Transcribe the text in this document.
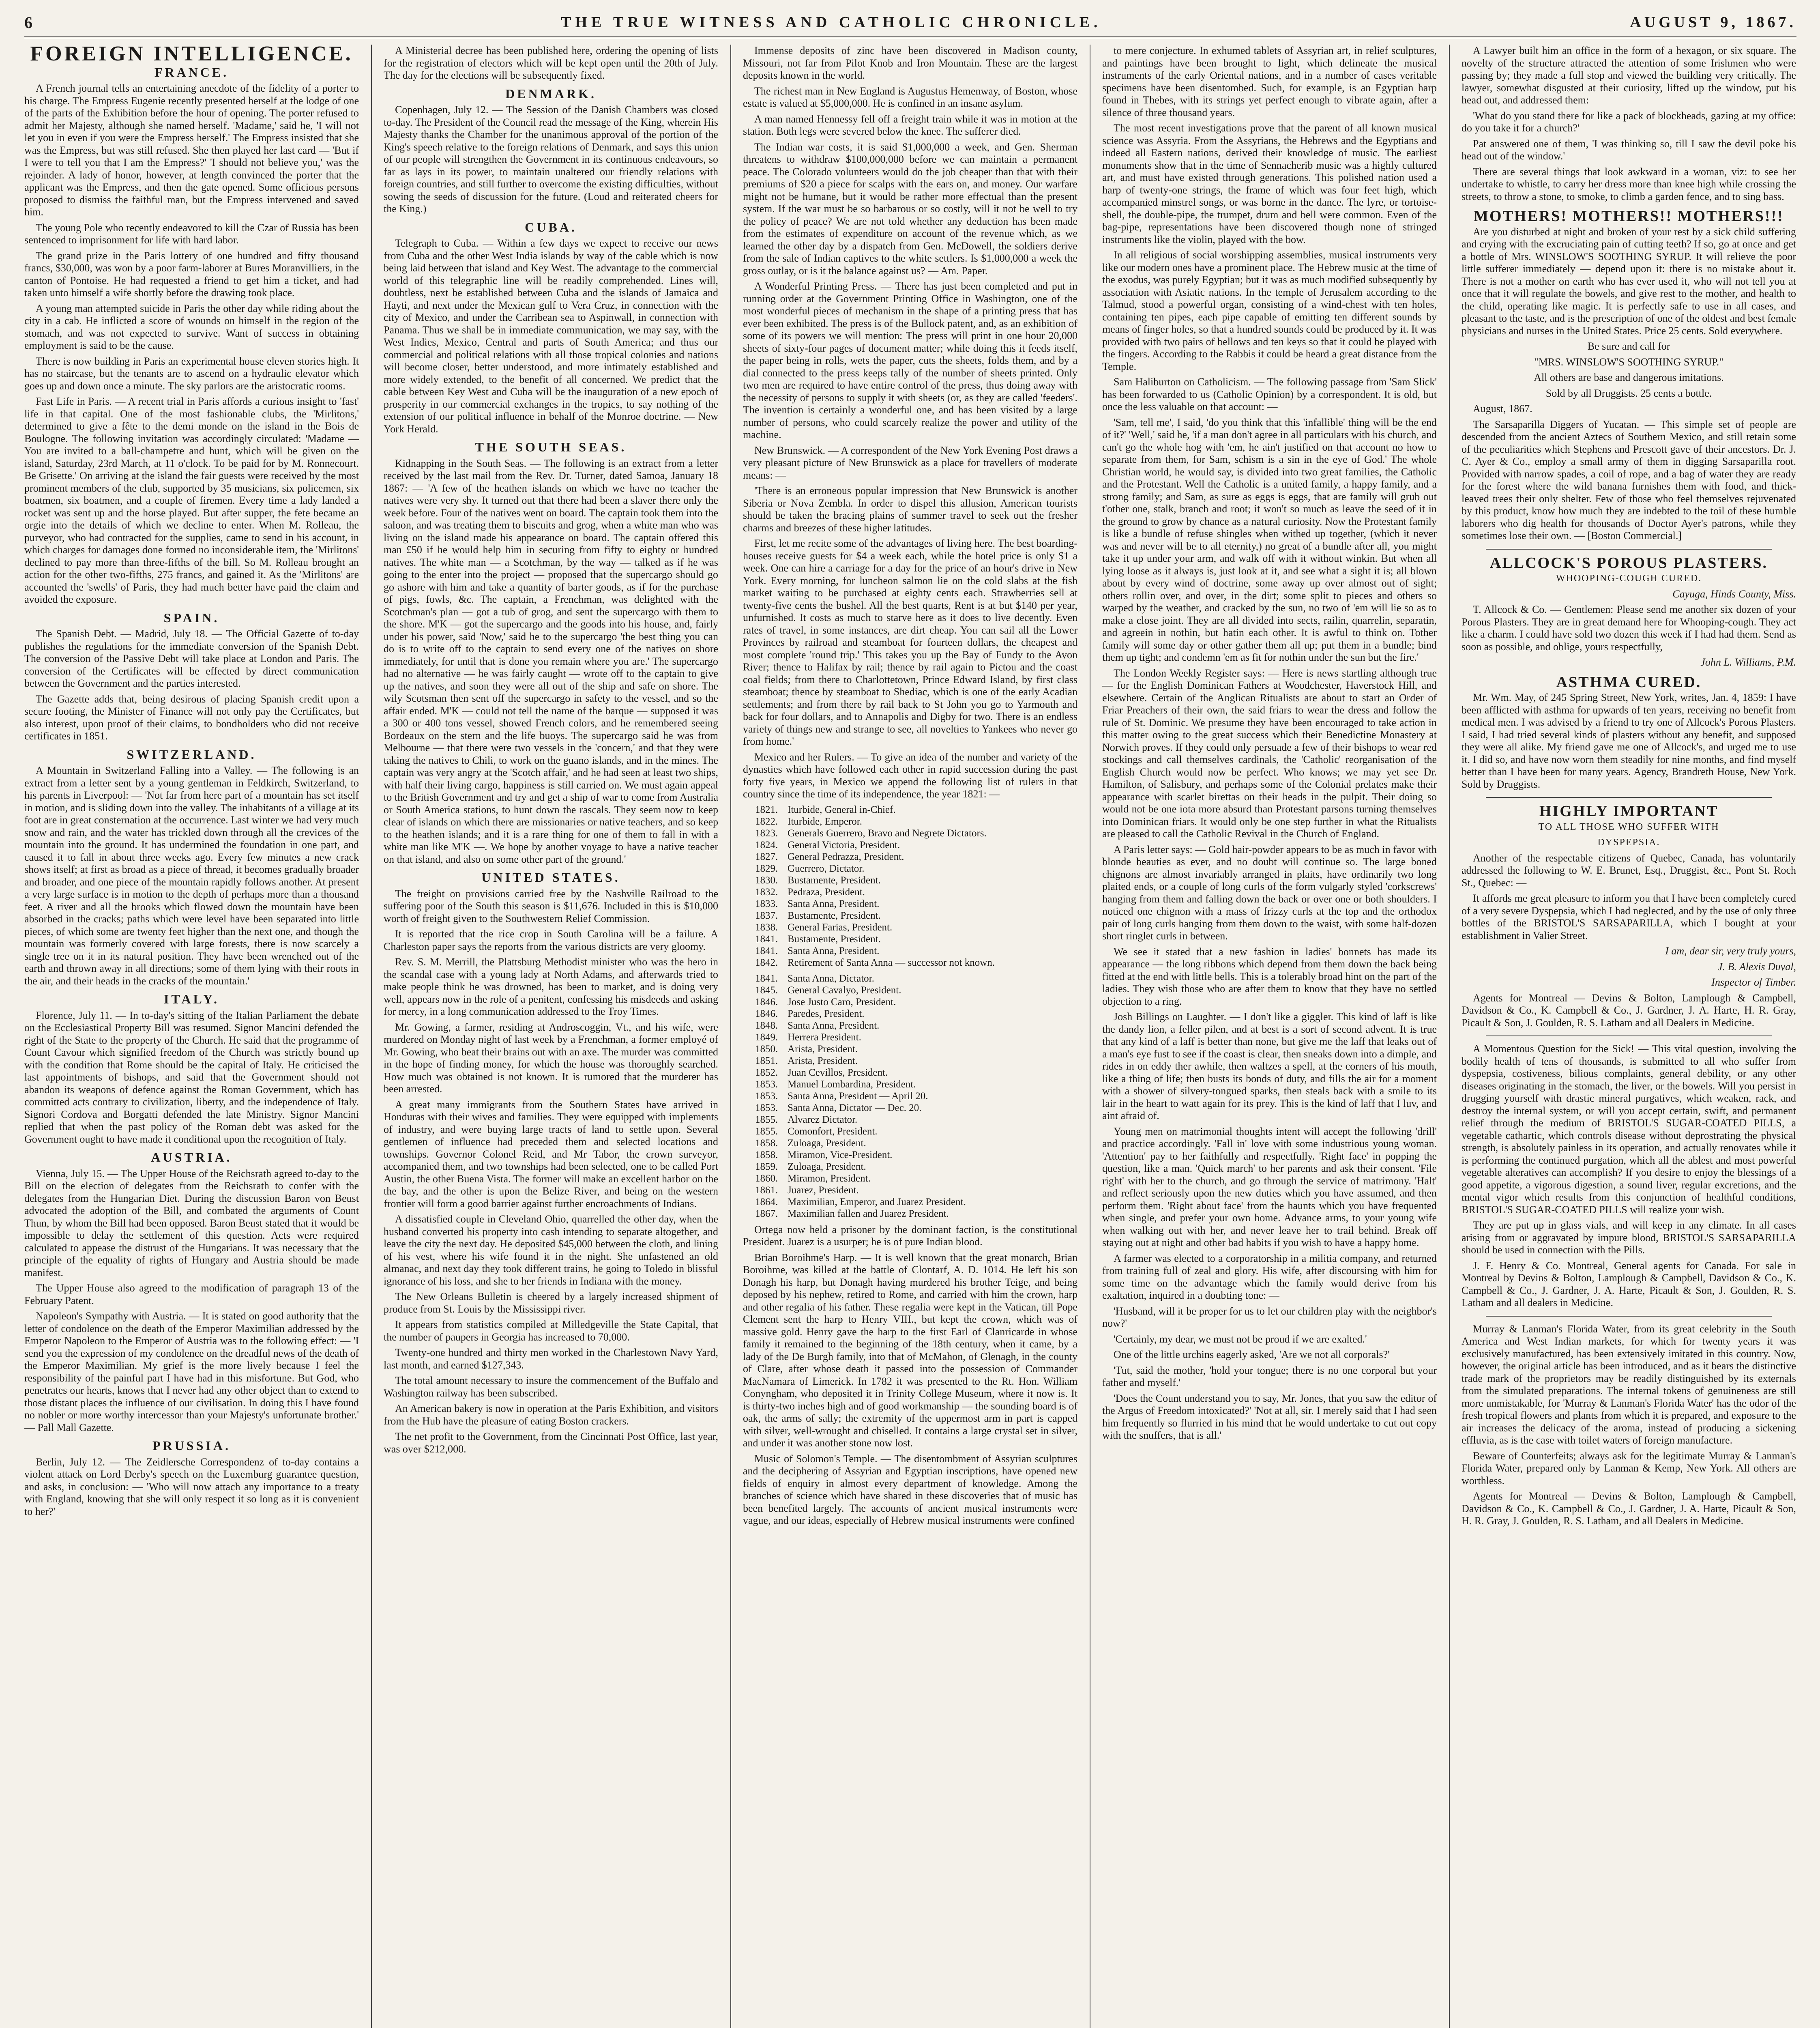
6	THE TRUE WITNESS AND CATHOLIC CHRONICLE.	AUGUST 9, 1867.
FOREIGN INTELLIGENCE.
FRANCE.

A French journal tells an entertaining anecdote of the fidelity of a porter to his charge. The Empress Eugenie recently presented herself at the lodge of one of the parts of the Exhibition before the hour of opening. The porter refused to admit her Majesty, although she named herself. 'Madame,' said he, 'I will not let you in even if you were the Empress herself.' The Empress insisted that she was the Empress, but was still refused. She then played her last card — 'But if I were to tell you that I am the Empress?' 'I should not believe you,' was the rejoinder. A lady of honor, however, at length convinced the porter that the applicant was the Empress, and then the gate opened. Some officious persons proposed to dismiss the faithful man, but the Empress intervened and saved him.

The young Pole who recently endeavored to kill the Czar of Russia has been sentenced to imprisonment for life with hard labor.

The grand prize in the Paris lottery of one hundred and fifty thousand francs, $30,000, was won by a poor farm-laborer at Bures Moranvilliers, in the canton of Pontoise. He had requested a friend to get him a ticket, and had taken unto himself a wife shortly before the drawing took place.

A young man attempted suicide in Paris the other day while riding about the city in a cab. He inflicted a score of wounds on himself in the region of the stomach, and was not expected to survive. Want of success in obtaining employment is said to be the cause.

There is now building in Paris an experimental house eleven stories high. It has no staircase, but the tenants are to ascend on a hydraulic elevator which goes up and down once a minute. The sky parlors are the aristocratic rooms.

Fast Life in Paris. — A recent trial in Paris affords a curious insight to 'fast' life in that capital. One of the most fashionable clubs, the 'Mirlitons,' determined to give a fête to the demi monde on the island in the Bois de Boulogne. The following invitation was accordingly circulated: 'Madame — You are invited to a ball-champetre and hunt, which will be given on the island, Saturday, 23rd March, at 11 o'clock. To be paid for by M. Ronnecourt. Be Grisette.' On arriving at the island the fair guests were received by the most prominent members of the club, supported by 35 musicians, six policemen, six boatmen, six boatmen, and a couple of firemen. Every time a lady landed a rocket was sent up and the horse played. But after supper, the fete became an orgie into the details of which we decline to enter. When M. Rolleau, the purveyor, who had contracted for the supplies, came to send in his account, in which charges for damages done formed no inconsiderable item, the 'Mirlitons' declined to pay more than three-fifths of the bill. So M. Rolleau brought an action for the other two-fifths, 275 francs, and gained it. As the 'Mirlitons' are accounted the 'swells' of Paris, they had much better have paid the claim and avoided the exposure.

SPAIN.

The Spanish Debt. — Madrid, July 18. — The Official Gazette of to-day publishes the regulations for the immediate conversion of the Spanish Debt. The conversion of the Passive Debt will take place at London and Paris. The conversion of the Certificates will be effected by direct communication between the Government and the parties interested.

The Gazette adds that, being desirous of placing Spanish credit upon a secure footing, the Minister of Finance will not only pay the Certificates, but also interest, upon proof of their claims, to bondholders who did not receive certificates in 1851.

SWITZERLAND.

A Mountain in Switzerland Falling into a Valley. — The following is an extract from a letter sent by a young gentleman in Feldkirch, Switzerland, to his parents in Liverpool: — 'Not far from here part of a mountain has set itself in motion, and is sliding down into the valley. The inhabitants of a village at its foot are in great consternation at the occurrence. Last winter we had very much snow and rain, and the water has trickled down through all the crevices of the mountain into the ground. It has undermined the foundation in one part, and caused it to fall in about three weeks ago. Every few minutes a new crack shows itself; at first as broad as a piece of thread, it becomes gradually broader and broader, and one piece of the mountain rapidly follows another. At present a very large surface is in motion to the depth of perhaps more than a thousand feet. A river and all the brooks which flowed down the mountain have been absorbed in the cracks; paths which were level have been separated into little pieces, of which some are twenty feet higher than the next one, and though the mountain was formerly covered with large forests, there is now scarcely a single tree on it in its natural position. They have been wrenched out of the earth and thrown away in all directions; some of them lying with their roots in the air, and their heads in the cracks of the mountain.'

ITALY.

Florence, July 11. — In to-day's sitting of the Italian Parliament the debate on the Ecclesiastical Property Bill was resumed. Signor Mancini defended the right of the State to the property of the Church. He said that the programme of Count Cavour which signified freedom of the Church was strictly bound up with the condition that Rome should be the capital of Italy. He criticised the last appointments of bishops, and said that the Government should not abandon its weapons of defence against the Roman Government, which has committed acts contrary to civilization, liberty, and the independence of Italy. Signori Cordova and Borgatti defended the late Ministry. Signor Mancini replied that when the past policy of the Roman debt was asked for the Government ought to have made it conditional upon the recognition of Italy.

AUSTRIA.

Vienna, July 15. — The Upper House of the Reichsrath agreed to-day to the Bill on the election of delegates from the Reichsrath to confer with the delegates from the Hungarian Diet. During the discussion Baron von Beust advocated the adoption of the Bill, and combated the arguments of Count Thun, by whom the Bill had been opposed. Baron Beust stated that it would be impossible to delay the settlement of this question. Acts were required calculated to appease the distrust of the Hungarians. It was necessary that the principle of the equality of rights of Hungary and Austria should be made manifest.

The Upper House also agreed to the modification of paragraph 13 of the February Patent.

Napoleon's Sympathy with Austria. — It is stated on good authority that the letter of condolence on the death of the Emperor Maximilian addressed by the Emperor Napoleon to the Emperor of Austria was to the following effect: — 'I send you the expression of my condolence on the dreadful news of the death of the Emperor Maximilian. My grief is the more lively because I feel the responsibility of the painful part I have had in this misfortune. But God, who penetrates our hearts, knows that I never had any other object than to extend to those distant places the influence of our civilisation. In doing this I have found no nobler or more worthy intercessor than your Majesty's unfortunate brother.' — Pall Mall Gazette.

PRUSSIA.

Berlin, July 12. — The Zeidlersche Correspondenz of to-day contains a violent attack on Lord Derby's speech on the Luxemburg guarantee question, and asks, in conclusion: — 'Who will now attach any importance to a treaty with England, knowing that she will only respect it so long as it is convenient to her?'

A Ministerial decree has been published here, ordering the opening of lists for the registration of electors which will be kept open until the 20th of July. The day for the elections will be subsequently fixed.

DENMARK.

Copenhagen, July 12. — The Session of the Danish Chambers was closed to-day. The President of the Council read the message of the King, wherein His Majesty thanks the Chamber for the unanimous approval of the portion of the King's speech relative to the foreign relations of Denmark, and says this union of our people will strengthen the Government in its continuous endeavours, so far as lays in its power, to maintain unaltered our friendly relations with foreign countries, and still further to overcome the existing difficulties, without sowing the seeds of discussion for the future. (Loud and reiterated cheers for the King.)

CUBA.

Telegraph to Cuba. — Within a few days we expect to receive our news from Cuba and the other West India islands by way of the cable which is now being laid between that island and Key West. The advantage to the commercial world of this telegraphic line will be readily comprehended. Lines will, doubtless, next be established between Cuba and the islands of Jamaica and Hayti, and next under the Mexican gulf to Vera Cruz, in connection with the city of Mexico, and under the Carribean sea to Aspinwall, in connection with Panama. Thus we shall be in immediate communication, we may say, with the West Indies, Mexico, Central and parts of South America; and thus our commercial and political relations with all those tropical colonies and nations will become closer, better understood, and more intimately established and more widely extended, to the benefit of all concerned. We predict that the cable between Key West and Cuba will be the inauguration of a new epoch of prosperity in our commercial exchanges in the tropics, to say nothing of the extension of our political influence in behalf of the Monroe doctrine. — New York Herald.

THE SOUTH SEAS.

Kidnapping in the South Seas. — The following is an extract from a letter received by the last mail from the Rev. Dr. Turner, dated Samoa, January 18 1867: — 'A few of the heathen islands on which we have no teacher the natives were very shy. It turned out that there had been a slaver there only the week before. Four of the natives went on board. The captain took them into the saloon, and was treating them to biscuits and grog, when a white man who was living on the island made his appearance on board. The captain offered this man £50 if he would help him in securing from fifty to eighty or hundred natives. The white man — a Scotchman, by the way — talked as if he was going to the enter into the project — proposed that the supercargo should go go ashore with him and take a quantity of barter goods, as if for the purchase of pigs, fowls, &c. The captain, a Frenchman, was delighted with the Scotchman's plan — got a tub of grog, and sent the supercargo with them to the shore. M'K — got the supercargo and the goods into his house, and, fairly under his power, said 'Now,' said he to the supercargo 'the best thing you can do is to write off to the captain to send every one of the natives on shore immediately, for until that is done you remain where you are.' The supercargo had no alternative — he was fairly caught — wrote off to the captain to give up the natives, and soon they were all out of the ship and safe on shore. The wily Scotsman then sent off the supercargo in safety to the vessel, and so the affair ended. M'K — could not tell the name of the barque — supposed it was a 300 or 400 tons vessel, showed French colors, and he remembered seeing Bordeaux on the stern and the life buoys. The supercargo said he was from Melbourne — that there were two vessels in the 'concern,' and that they were taking the natives to Chili, to work on the guano islands, and in the mines. The captain was very angry at the 'Scotch affair,' and he had seen at least two ships, with half their living cargo, happiness is still carried on. We must again appeal to the British Government and try and get a ship of war to come from Australia or South America stations, to hunt down the rascals. They seem now to keep clear of islands on which there are missionaries or native teachers, and so keep to the heathen islands; and it is a rare thing for one of them to fall in with a white man like M'K —. We hope by another voyage to have a native teacher on that island, and also on some other part of the ground.'

UNITED STATES.

The freight on provisions carried free by the Nashville Railroad to the suffering poor of the South this season is $11,676. Included in this is $10,000 worth of freight given to the Southwestern Relief Commission.

It is reported that the rice crop in South Carolina will be a failure. A Charleston paper says the reports from the various districts are very gloomy.

Rev. S. M. Merrill, the Plattsburg Methodist minister who was the hero in the scandal case with a young lady at North Adams, and afterwards tried to make people think he was drowned, has been to market, and is doing very well, appears now in the role of a penitent, confessing his misdeeds and asking for mercy, in a long communication addressed to the Troy Times.

Mr. Gowing, a farmer, residing at Androscoggin, Vt., and his wife, were murdered on Monday night of last week by a Frenchman, a former employé of Mr. Gowing, who beat their brains out with an axe. The murder was committed in the hope of finding money, for which the house was thoroughly searched. How much was obtained is not known. It is rumored that the murderer has been arrested.

A great many immigrants from the Southern States have arrived in Honduras with their wives and families. They were equipped with implements of industry, and were buying large tracts of land to settle upon. Several gentlemen of influence had preceded them and selected locations and townships. Governor Colonel Reid, and Mr Tabor, the crown surveyor, accompanied them, and two townships had been selected, one to be called Port Austin, the other Buena Vista. The former will make an excellent harbor on the the bay, and the other is upon the Belize River, and being on the western frontier will form a good barrier against further encroachments of Indians.

A dissatisfied couple in Cleveland Ohio, quarrelled the other day, when the husband converted his property into cash intending to separate altogether, and leave the city the next day. He deposited $45,000 between the cloth, and lining of his vest, where his wife found it in the night. She unfastened an old almanac, and next day they took different trains, he going to Toledo in blissful ignorance of his loss, and she to her friends in Indiana with the money.

The New Orleans Bulletin is cheered by a largely increased shipment of produce from St. Louis by the Mississippi river.

It appears from statistics compiled at Milledgeville the State Capital, that the number of paupers in Georgia has increased to 70,000.

Twenty-one hundred and thirty men worked in the Charlestown Navy Yard, last month, and earned $127,343.

The total amount necessary to insure the commencement of the Buffalo and Washington railway has been subscribed.

An American bakery is now in operation at the Paris Exhibition, and visitors from the Hub have the pleasure of eating Boston crackers.

The net profit to the Government, from the Cincinnati Post Office, last year, was over $212,000.

Immense deposits of zinc have been discovered in Madison county, Missouri, not far from Pilot Knob and Iron Mountain. These are the largest deposits known in the world.

The richest man in New England is Augustus Hemenway, of Boston, whose estate is valued at $5,000,000. He is confined in an insane asylum.

A man named Hennessy fell off a freight train while it was in motion at the station. Both legs were severed below the knee. The sufferer died.

The Indian war costs, it is said $1,000,000 a week, and Gen. Sherman threatens to withdraw $100,000,000 before we can maintain a permanent peace. The Colorado volunteers would do the job cheaper than that with their premiums of $20 a piece for scalps with the ears on, and money. Our warfare might not be humane, but it would be rather more effectual than the present system. If the war must be so barbarous or so costly, will it not be well to try the policy of peace? We are not told whether any deduction has been made from the estimates of expenditure on account of the revenue which, as we learned the other day by a dispatch from Gen. McDowell, the soldiers derive from the sale of Indian captives to the white settlers. Is $1,000,000 a week the gross outlay, or is it the balance against us? — Am. Paper.

A Wonderful Printing Press. — There has just been completed and put in running order at the Government Printing Office in Washington, one of the most wonderful pieces of mechanism in the shape of a printing press that has ever been exhibited. The press is of the Bullock patent, and, as an exhibition of some of its powers we will mention: The press will print in one hour 20,000 sheets of sixty-four pages of document matter; while doing this it feeds itself, the paper being in rolls, wets the paper, cuts the sheets, folds them, and by a dial connected to the press keeps tally of the number of sheets printed. Only two men are required to have entire control of the press, thus doing away with the necessity of persons to supply it with sheets (or, as they are called 'feeders'. The invention is certainly a wonderful one, and has been visited by a large number of persons, who could scarcely realize the power and utility of the machine.

New Brunswick. — A correspondent of the New York Evening Post draws a very pleasant picture of New Brunswick as a place for travellers of moderate means: —

'There is an erroneous popular impression that New Brunswick is another Siberia or Nova Zembla. In order to dispel this allusion, American tourists should be taken the bracing plains of summer travel to seek out the fresher charms and breezes of these higher latitudes.

First, let me recite some of the advantages of living here. The best boarding-houses receive guests for $4 a week each, while the hotel price is only $1 a week. One can hire a carriage for a day for the price of an hour's drive in New York. Every morning, for luncheon salmon lie on the cold slabs at the fish market waiting to be purchased at eighty cents each. Strawberries sell at twenty-five cents the bushel. All the best quarts, Rent is at but $140 per year, unfurnished. It costs as much to starve here as it does to live decently. Even rates of travel, in some instances, are dirt cheap. You can sail all the Lower Provinces by railroad and steamboat for fourteen dollars, the cheapest and most complete 'round trip.' This takes you up the Bay of Fundy to the Avon River; thence to Halifax by rail; thence by rail again to Pictou and the coast coal fields; from there to Charlottetown, Prince Edward Island, by first class steamboat; thence by steamboat to Shediac, which is one of the early Acadian settlements; and from there by rail back to St John you go to Yarmouth and back for four dollars, and to Annapolis and Digby for two. There is an endless variety of things new and strange to see, all novelties to Yankees who never go from home.'

Mexico and her Rulers. — To give an idea of the number and variety of the dynasties which have followed each other in rapid succession during the past forty five years, in Mexico we append the following list of rulers in that country since the time of its independence, the year 1821: —

1821. Iturbide, General in-Chief.
1822. Iturbide, Emperor.
1823. Generals Guerrero, Bravo and Negrete Dictators.
1824. General Victoria, President.
1827. General Pedrazza, President.
1829. Guerrero, Dictator.
1830. Bustamente, President.
1832. Pedraza, President.
1833. Santa Anna, President.
1837. Bustamente, President.
1838. General Farias, President.
1841. Bustamente, President.
1841. Santa Anna, President.
1842. Retirement of Santa Anna — successor not known.
1841. Santa Anna, Dictator.
1845. General Cavalyo, President.
1846. Jose Justo Caro, President.
1846. Paredes, President.
1848. Santa Anna, President.
1849. Herrera President.
1850. Arista, President.
1851. Arista, President.
1852. Juan Cevillos, President.
1853. Manuel Lombardina, President.
1853. Santa Anna, President — April 20.
1853. Santa Anna, Dictator — Dec. 20.
1855. Alvarez Dictator.
1855. Comonfort, President.
1858. Zuloaga, President.
1858. Miramon, Vice-President.
1859. Zuloaga, President.
1860. Miramon, President.
1861. Juarez, President.
1864. Maximilian, Emperor, and Juarez President.
1867. Maximilian fallen and Juarez President.

Ortega now held a prisoner by the dominant faction, is the constitutional President. Juarez is a usurper; he is of pure Indian blood.

Brian Boroihme's Harp. — It is well known that the great monarch, Brian Boroihme, was killed at the battle of Clontarf, A. D. 1014. He left his son Donagh his harp, but Donagh having murdered his brother Teige, and being deposed by his nephew, retired to Rome, and carried with him the crown, harp and other regalia of his father. These regalia were kept in the Vatican, till Pope Clement sent the harp to Henry VIII., but kept the crown, which was of massive gold. Henry gave the harp to the first Earl of Clanricarde in whose family it remained to the beginning of the 18th century, when it came, by a lady of the De Burgh family, into that of McMahon, of Glenagh, in the county of Clare, after whose death it passed into the possession of Commander MacNamara of Limerick. In 1782 it was presented to the Rt. Hon. William Conyngham, who deposited it in Trinity College Museum, where it now is. It is thirty-two inches high and of good workmanship — the sounding board is of oak, the arms of sally; the extremity of the uppermost arm in part is capped with silver, well-wrought and chiselled. It contains a large crystal set in silver, and under it was another stone now lost.

Music of Solomon's Temple. — The disentombment of Assyrian sculptures and the deciphering of Assyrian and Egyptian inscriptions, have opened new fields of enquiry in almost every department of knowledge. Among the branches of science which have shared in these discoveries that of music has been benefited largely. The accounts of ancient musical instruments were vague, and our ideas, especially of Hebrew musical instruments were confined

to mere conjecture. In exhumed tablets of Assyrian art, in relief sculptures, and paintings have been brought to light, which delineate the musical instruments of the early Oriental nations, and in a number of cases veritable specimens have been disentombed. Such, for example, is an Egyptian harp found in Thebes, with its strings yet perfect enough to vibrate again, after a silence of three thousand years.

The most recent investigations prove that the parent of all known musical science was Assyria. From the Assyrians, the Hebrews and the Egyptians and indeed all Eastern nations, derived their knowledge of music. The earliest monuments show that in the time of Sennacherib music was a highly cultured art, and must have existed through generations. This polished nation used a harp of twenty-one strings, the frame of which was four feet high, which accompanied minstrel songs, or was borne in the dance. The lyre, or tortoise-shell, the double-pipe, the trumpet, drum and bell were common. Even of the bag-pipe, representations have been discovered though none of stringed instruments like the violin, played with the bow.

In all religious of social worshipping assemblies, musical instruments very like our modern ones have a prominent place. The Hebrew music at the time of the exodus, was purely Egyptian; but it was as much modified subsequently by association with Asiatic nations. In the temple of Jerusalem according to the Talmud, stood a powerful organ, consisting of a wind-chest with ten holes, containing ten pipes, each pipe capable of emitting ten different sounds by means of finger holes, so that a hundred sounds could be produced by it. It was provided with two pairs of bellows and ten keys so that it could be played with the fingers. According to the Rabbis it could be heard a great distance from the Temple.

Sam Haliburton on Catholicism. — The following passage from 'Sam Slick' has been forwarded to us (Catholic Opinion) by a correspondent. It is old, but once the less valuable on that account: —

'Sam, tell me', I said, 'do you think that this 'infallible' thing will be the end of it?' 'Well,' said he, 'if a man don't agree in all particulars with his church, and can't go the whole hog with 'em, he ain't justified on that account no how to separate from them, for Sam, schism is a sin in the eye of God.' The whole Christian world, he would say, is divided into two great families, the Catholic and the Protestant. Well the Catholic is a united family, a happy family, and a strong family; and Sam, as sure as eggs is eggs, that are family will grub out t'other one, stalk, branch and root; it won't so much as leave the seed of it in the ground to grow by chance as a natural curiosity. Now the Protestant family is like a bundle of refuse shingles when withed up together, (which it never was and never will be to all eternity,) no great of a bundle after all, you might take it up under your arm, and walk off with it without winkin. But when all lying loose as it always is, just look at it, and see what a sight it is; all blown about by every wind of doctrine, some away up over almost out of sight; others rollin over, and over, in the dirt; some split to pieces and others so warped by the weather, and cracked by the sun, no two of 'em will lie so as to make a close joint. They are all divided into sects, railin, quarrelin, separatin, and agreein in nothin, but hatin each other. It is awful to think on. Tother family will some day or other gather them all up; put them in a bundle; bind them up tight; and condemn 'em as fit for nothin under the sun but the fire.'

The London Weekly Register says: — Here is news startling although true — for the English Dominican Fathers at Woodchester, Haverstock Hill, and elsewhere. Certain of the Anglican Ritualists are about to start an Order of Friar Preachers of their own, the said friars to wear the dress and follow the rule of St. Dominic. We presume they have been encouraged to take action in this matter owing to the great success which their Benedictine Monastery at Norwich proves. If they could only persuade a few of their bishops to wear red stockings and call themselves cardinals, the 'Catholic' reorganisation of the English Church would now be perfect. Who knows; we may yet see Dr. Hamilton, of Salisbury, and perhaps some of the Colonial prelates make their appearance with scarlet birettas on their heads in the pulpit. Their doing so would not be one iota more absurd than Protestant parsons turning themselves into Dominican friars. It would only be one step further in what the Ritualists are pleased to call the Catholic Revival in the Church of England.

A Paris letter says: — Gold hair-powder appears to be as much in favor with blonde beauties as ever, and no doubt will continue so. The large boned chignons are almost invariably arranged in plaits, have ordinarily two long plaited ends, or a couple of long curls of the form vulgarly styled 'corkscrews' hanging from them and falling down the back or over one or both shoulders. I noticed one chignon with a mass of frizzy curls at the top and the orthodox pair of long curls hanging from them down to the waist, with some half-dozen short ringlet curls in between.

We see it stated that a new fashion in ladies' bonnets has made its appearance — the long ribbons which depend from them down the back being fitted at the end with little bells. This is a tolerably broad hint on the part of the ladies. They wish those who are after them to know that they have no settled objection to a ring.

Josh Billings on Laughter. — I don't like a giggler. This kind of laff is like the dandy lion, a feller pilen, and at best is a sort of second advent. It is true that any kind of a laff is better than none, but give me the laff that leaks out of a man's eye fust to see if the coast is clear, then sneaks down into a dimple, and rides in on eddy ther awhile, then waltzes a spell, at the corners of his mouth, like a thing of life; then busts its bonds of duty, and fills the air for a moment with a shower of silvery-tongued sparks, then steals back with a smile to its lair in the heart to watt again for its prey. This is the kind of laff that I luv, and aint afraid of.

Young men on matrimonial thoughts intent will accept the following 'drill' and practice accordingly. 'Fall in' love with some industrious young woman. 'Attention' pay to her faithfully and respectfully. 'Right face' in popping the question, like a man. 'Quick march' to her parents and ask their consent. 'File right' with her to the church, and go through the service of matrimony. 'Halt' and reflect seriously upon the new duties which you have assumed, and then perform them. 'Right about face' from the haunts which you have frequented when single, and prefer your own home. Advance arms, to your young wife when walking out with her, and never leave her to trail behind. Break off staying out at night and other bad habits if you wish to have a happy home.

A farmer was elected to a corporatorship in a militia company, and returned from training full of zeal and glory. His wife, after discoursing with him for some time on the advantage which the family would derive from his exaltation, inquired in a doubting tone: —

'Husband, will it be proper for us to let our children play with the neighbor's now?'

'Certainly, my dear, we must not be proud if we are exalted.'

One of the little urchins eagerly asked, 'Are we not all corporals?'

'Tut, said the mother, 'hold your tongue; there is no one corporal but your father and myself.'

'Does the Count understand you to say, Mr. Jones, that you saw the editor of the Argus of Freedom intoxicated?' 'Not at all, sir. I merely said that I had seen him frequently so flurried in his mind that he would undertake to cut out copy with the snuffers, that is all.'

A Lawyer built him an office in the form of a hexagon, or six square. The novelty of the structure attracted the attention of some Irishmen who were passing by; they made a full stop and viewed the building very critically. The lawyer, somewhat disgusted at their curiosity, lifted up the window, put his head out, and addressed them:

'What do you stand there for like a pack of blockheads, gazing at my office: do you take it for a church?'

Pat answered one of them, 'I was thinking so, till I saw the devil poke his head out of the window.'

There are several things that look awkward in a woman, viz: to see her undertake to whistle, to carry her dress more than knee high while crossing the streets, to throw a stone, to smoke, to climb a garden fence, and to sing bass.

MOTHERS! MOTHERS!! MOTHERS!!!

Are you disturbed at night and broken of your rest by a sick child suffering and crying with the excruciating pain of cutting teeth? If so, go at once and get a bottle of Mrs. WINSLOW'S SOOTHING SYRUP. It will relieve the poor little sufferer immediately — depend upon it: there is no mistake about it. There is not a mother on earth who has ever used it, who will not tell you at once that it will regulate the bowels, and give rest to the mother, and health to the child, operating like magic. It is perfectly safe to use in all cases, and pleasant to the taste, and is the prescription of one of the oldest and best female physicians and nurses in the United States. Price 25 cents. Sold everywhere.

Be sure and call for

"MRS. WINSLOW'S SOOTHING SYRUP."

All others are base and dangerous imitations.

Sold by all Druggists. 25 cents a bottle.

August, 1867.

The Sarsaparilla Diggers of Yucatan. — This simple set of people are descended from the ancient Aztecs of Southern Mexico, and still retain some of the peculiarities which Stephens and Prescott gave of their ancestors. Dr. J. C. Ayer & Co., employ a small army of them in digging Sarsaparilla root. Provided with narrow spades, a coil of rope, and a bag of water they are ready for the forest where the wild banana furnishes them with food, and thick-leaved trees their only shelter. Few of those who feel themselves rejuvenated by this product, know how much they are indebted to the toil of these humble laborers who dig health for thousands of Doctor Ayer's patrons, while they sometimes lose their own. — [Boston Commercial.]

ALLCOCK'S POROUS PLASTERS.
WHOOPING-COUGH CURED.

Cayuga, Hinds County, Miss.

T. Allcock & Co. — Gentlemen: Please send me another six dozen of your Porous Plasters. They are in great demand here for Whooping-cough. They act like a charm. I could have sold two dozen this week if I had had them. Send as soon as possible, and oblige, yours respectfully,

John L. Williams, P.M.

ASTHMA CURED.

Mr. Wm. May, of 245 Spring Street, New York, writes, Jan. 4, 1859: I have been afflicted with asthma for upwards of ten years, receiving no benefit from medical men. I was advised by a friend to try one of Allcock's Porous Plasters. I said, I had tried several kinds of plasters without any benefit, and supposed they were all alike. My friend gave me one of Allcock's, and urged me to use it. I did so, and have now worn them steadily for nine months, and find myself better than I have been for many years. Agency, Brandreth House, New York. Sold by Druggists.

HIGHLY IMPORTANT
TO ALL THOSE WHO SUFFER WITH
DYSPEPSIA.

Another of the respectable citizens of Quebec, Canada, has voluntarily addressed the following to W. E. Brunet, Esq., Druggist, &c., Pont St. Roch St., Quebec: —

It affords me great pleasure to inform you that I have been completely cured of a very severe Dyspepsia, which I had neglected, and by the use of only three bottles of the BRISTOL'S SARSAPARILLA, which I bought at your establishment in Valier Street.

I am, dear sir, very truly yours,

J. B. Alexis Duval,

Inspector of Timber.

Agents for Montreal — Devins & Bolton, Lamplough & Campbell, Davidson & Co., K. Campbell & Co., J. Gardner, J. A. Harte, H. R. Gray, Picault & Son, J. Goulden, R. S. Latham and all Dealers in Medicine.

A Momentous Question for the Sick! — This vital question, involving the bodily health of tens of thousands, is submitted to all who suffer from dyspepsia, costiveness, bilious complaints, general debility, or any other diseases originating in the stomach, the liver, or the bowels. Will you persist in drugging yourself with drastic mineral purgatives, which weaken, rack, and destroy the internal system, or will you accept certain, swift, and permanent relief through the medium of BRISTOL'S SUGAR-COATED PILLS, a vegetable cathartic, which controls disease without deprostrating the physical strength, is absolutely painless in its operation, and actually renovates while it is performing the continued purgation, which all the ablest and most powerful vegetable alteratives can accomplish? If you desire to enjoy the blessings of a good appetite, a vigorous digestion, a sound liver, regular excretions, and the mental vigor which results from this conjunction of healthful conditions, BRISTOL'S SUGAR-COATED PILLS will realize your wish.

They are put up in glass vials, and will keep in any climate. In all cases arising from or aggravated by impure blood, BRISTOL'S SARSAPARILLA should be used in connection with the Pills.

J. F. Henry & Co. Montreal, General agents for Canada. For sale in Montreal by Devins & Bolton, Lamplough & Campbell, Davidson & Co., K. Campbell & Co., J. Gardner, J. A. Harte, Picault & Son, J. Goulden, R. S. Latham and all dealers in Medicine.

Murray & Lanman's Florida Water, from its great celebrity in the South America and West Indian markets, for which for twenty years it was exclusively manufactured, has been extensively imitated in this country. Now, however, the original article has been introduced, and as it bears the distinctive trade mark of the proprietors may be readily distinguished by its externals from the simulated preparations. The internal tokens of genuineness are still more unmistakable, for 'Murray & Lanman's Florida Water' has the odor of the fresh tropical flowers and plants from which it is prepared, and exposure to the air increases the delicacy of the aroma, instead of producing a sickening effluvia, as is the case with toilet waters of foreign manufacture.

Beware of Counterfeits; always ask for the legitimate Murray & Lanman's Florida Water, prepared only by Lanman & Kemp, New York. All others are worthless.

Agents for Montreal — Devins & Bolton, Lamplough & Campbell, Davidson & Co., K. Campbell & Co., J. Gardner, J. A. Harte, Picault & Son, H. R. Gray, J. Goulden, R. S. Latham, and all Dealers in Medicine.
